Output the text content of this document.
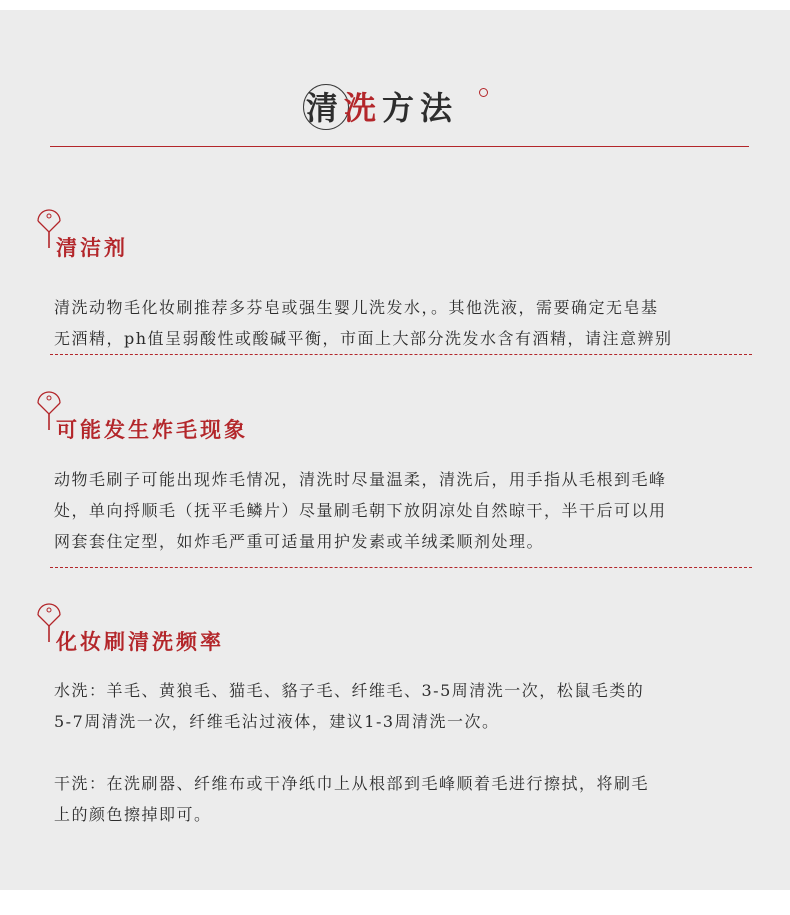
清洗方法
清洁剂

清洗动物毛化妆刷推荐多芬皂或强生婴儿洗发水，。其他洗液，需要确定无皂基

无酒精，ph值呈弱酸性或酸碱平衡，市面上大部分洗发水含有酒精，请注意辨别

可能发生炸毛现象

动物毛刷子可能出现炸毛情况，清洗时尽量温柔，清洗后，用手指从毛根到毛峰

处，单向捋顺毛（抚平毛鳞片）尽量刷毛朝下放阴凉处自然晾干，半干后可以用

网套套住定型，如炸毛严重可适量用护发素或羊绒柔顺剂处理。

化妆刷清洗频率

水洗：羊毛、黄狼毛、猫毛、貉子毛、纤维毛、3-5周清洗一次，松鼠毛类的

5-7周清洗一次，纤维毛沾过液体，建议1-3周清洗一次。

干洗：在洗刷器、纤维布或干净纸巾上从根部到毛峰顺着毛进行擦拭，将刷毛

上的颜色擦掉即可。
